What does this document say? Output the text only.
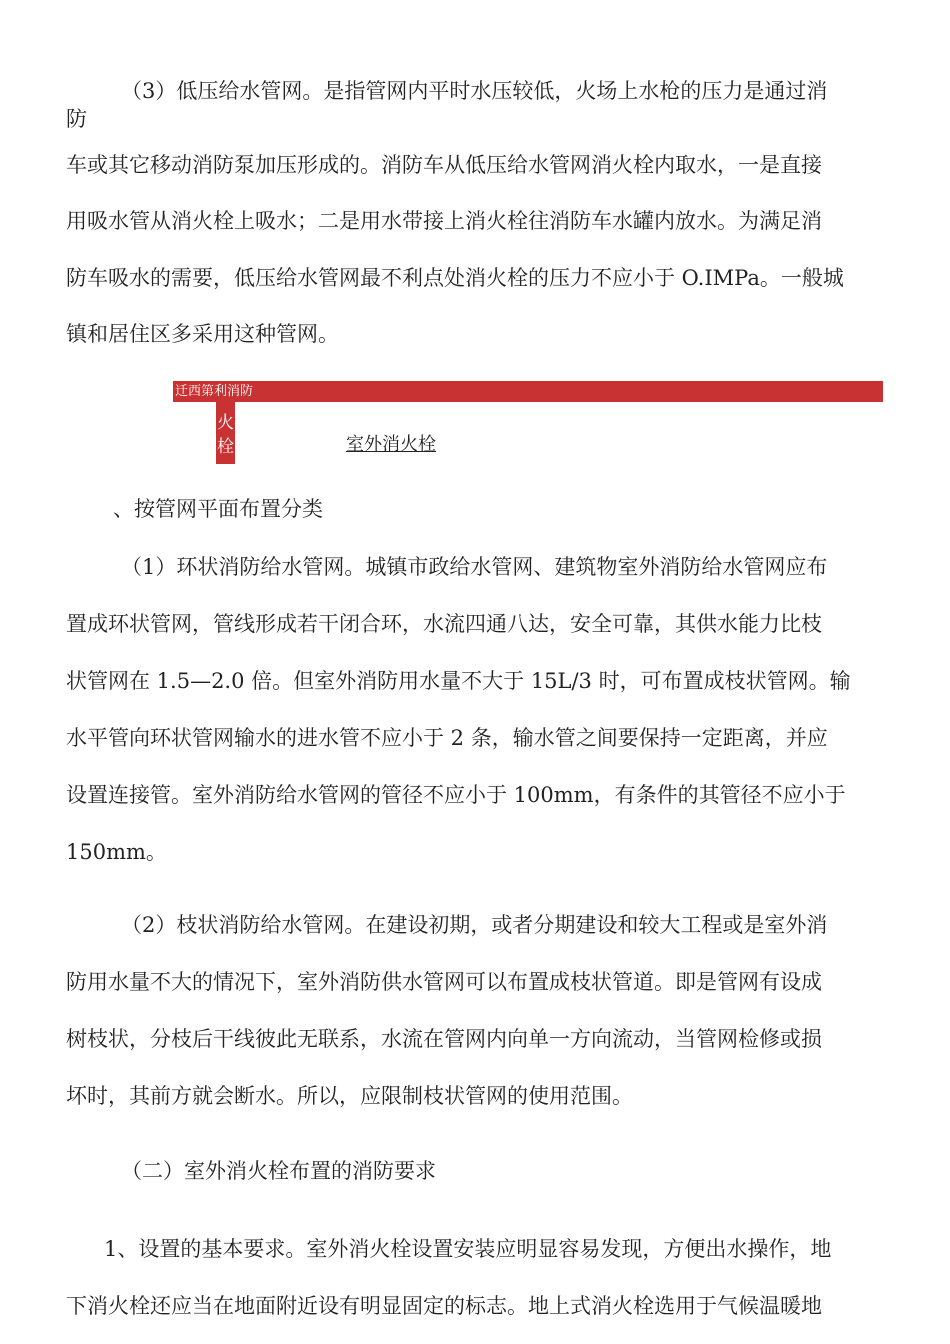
（3）低压给水管网。是指管网内平时水压较低，火场上水枪的压力是通过消
防
车或其它移动消防泵加压形成的。消防车从低压给水管网消火栓内取水，一是直接
用吸水管从消火栓上吸水；二是用水带接上消火栓往消防车水罐内放水。为满足消
防车吸水的需要，低压给水管网最不利点处消火栓的压力不应小于 O.IMPa。一般城
镇和居住区多采用这种管网。
迁西第利消防
火
栓	室外消火栓
、按管网平面布置分类
（1）环状消防给水管网。城镇市政给水管网、建筑物室外消防给水管网应布
置成环状管网，管线形成若干闭合环，水流四通八达，安全可靠，其供水能力比枝
状管网在 1.5—2.0 倍。但室外消防用水量不大于 15L/3 时，可布置成枝状管网。输
水平管向环状管网输水的进水管不应小于 2 条，输水管之间要保持一定距离，并应
设置连接管。室外消防给水管网的管径不应小于 100mm，有条件的其管径不应小于
150mm。
（2）枝状消防给水管网。在建设初期，或者分期建设和较大工程或是室外消
防用水量不大的情况下，室外消防供水管网可以布置成枝状管道。即是管网有设成
树枝状，分枝后干线彼此无联系，水流在管网内向单一方向流动，当管网检修或损
坏时，其前方就会断水。所以，应限制枝状管网的使用范围。
（二）室外消火栓布置的消防要求
1、设置的基本要求。室外消火栓设置安装应明显容易发现，方便出水操作，地
下消火栓还应当在地面附近设有明显固定的标志。地上式消火栓选用于气候温暖地
